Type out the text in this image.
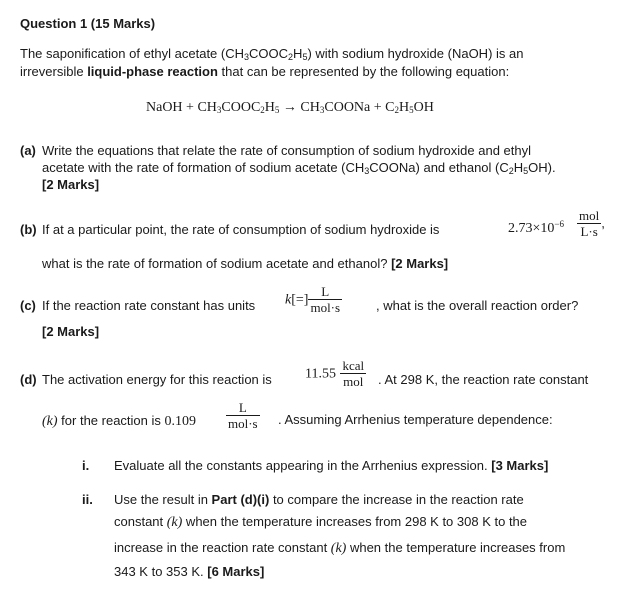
Question 1 (15 Marks)
The saponification of ethyl acetate $(CH_3COOC_2H_5)$ with sodium hydroxide (NaOH) is an
irreversible liquid-phase reaction that can be represented by the following equation:
NaOH + $CH_3COOC_2H_5$ → $CH_3COONa + C_2H_5OH$
(a) Write the equations that relate the rate of consumption of sodium hydroxide and ethyl
acetate with the rate of formation of sodium acetate $(CH_3COONa)$ and ethanol $(C_2H_5OH)$.
[2 Marks]
(b) If at a particular point, the rate of consumption of sodium hydroxide is	$2.73\times 10^{-6} \frac{\text{mol}}{L\cdot s}$ ,
what is the rate of formation of sodium acetate and ethanol? [2 Marks]
(c) If the reaction rate constant has units $k[=] \frac{L}{\text{mol·s}}$	, what is the overall reaction order?
[2 Marks]
(d) The activation energy for this reaction is $11.55 \frac{\text{kcal}}{\text{mol}}$ . At 298 K, the reaction rate constant
(k) for the reaction is $0.109 \frac{L}{\text{mol·s}}$ . Assuming Arrhenius temperature dependence:
i. Evaluate all the constants appearing in the Arrhenius expression. [3 Marks]
ii. Use the result in Part (d)(i) to compare the increase in the reaction rate
constant (k) when the temperature increases from 298 K to 308 K to the
increase in the reaction rate constant (k) when the temperature increases from
343 K to 353 K. [6 Marks]
